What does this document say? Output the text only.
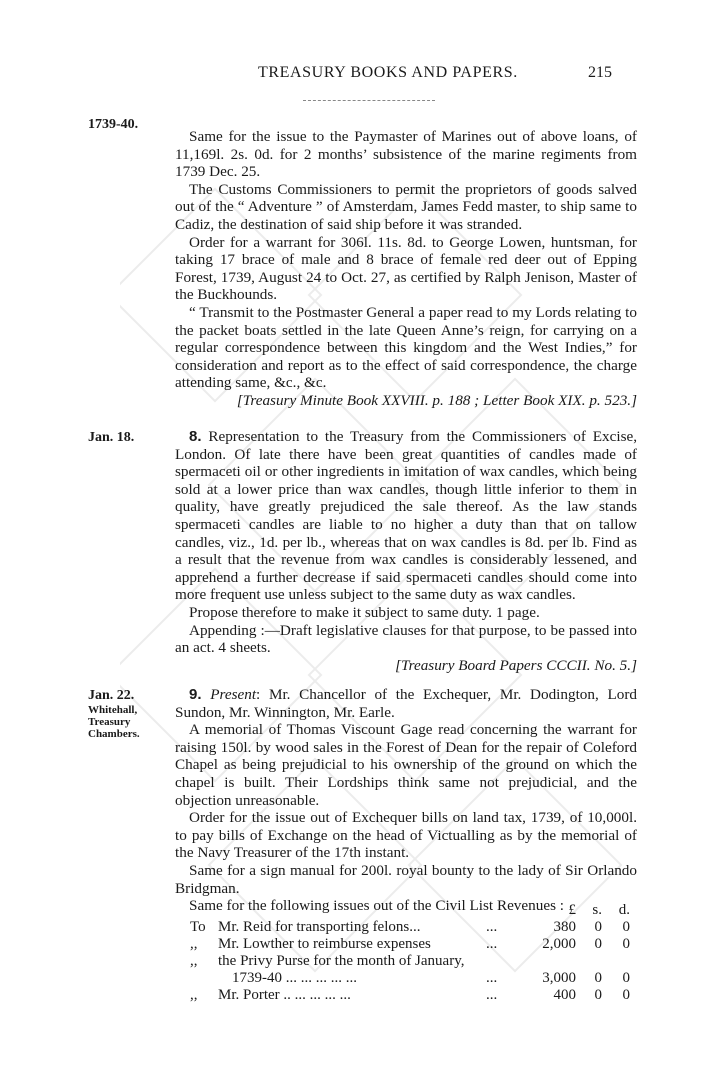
TREASURY BOOKS AND PAPERS.	215
1739-40.

Same for the issue to the Paymaster of Marines out of above loans, of 11,169l. 2s. 0d. for 2 months’ subsistence of the marine regiments from 1739 Dec. 25.

The Customs Commissioners to permit the proprietors of goods salved out of the “ Adventure ” of Amsterdam, James Fedd master, to ship same to Cadiz, the destination of said ship before it was stranded.

Order for a warrant for 306l. 11s. 8d. to George Lowen, huntsman, for taking 17 brace of male and 8 brace of female red deer out of Epping Forest, 1739, August 24 to Oct. 27, as certified by Ralph Jenison, Master of the Buckhounds.

“ Transmit to the Postmaster General a paper read to my Lords relating to the packet boats settled in the late Queen Anne’s reign, for carrying on a regular correspondence between this kingdom and the West Indies,” for consideration and report as to the effect of said correspondence, the charge attending same, &c., &c.

[Treasury Minute Book XXVIII. p. 188 ; Letter Book XIX. p. 523.]

Jan. 18.	8. Representation to the Treasury from the Commissioners of Excise, London. Of late there have been great quantities of candles made of spermaceti oil or other ingredients in imitation of wax candles, which being sold at a lower price than wax candles, though little inferior to them in quality, have greatly prejudiced the sale thereof. As the law stands spermaceti candles are liable to no higher a duty than that on tallow candles, viz., 1d. per lb., whereas that on wax candles is 8d. per lb. Find as a result that the revenue from wax candles is considerably lessened, and apprehend a further decrease if said spermaceti candles should come into more frequent use unless subject to the same duty as wax candles.

Propose therefore to make it subject to same duty. 1 page.

Appending :—Draft legislative clauses for that purpose, to be passed into an act. 4 sheets.

[Treasury Board Papers CCCII. No. 5.]

Jan. 22.
Whitehall,
Treasury
Chambers.

9. Present: Mr. Chancellor of the Exchequer, Mr. Dodington, Lord Sundon, Mr. Winnington, Mr. Earle.

A memorial of Thomas Viscount Gage read concerning the warrant for raising 150l. by wood sales in the Forest of Dean for the repair of Coleford Chapel as being prejudicial to his ownership of the ground on which the chapel is built. Their Lordships think same not prejudicial, and the objection unreasonable.

Order for the issue out of Exchequer bills on land tax, 1739, of 10,000l. to pay bills of Exchange on the head of Victualling as by the memorial of the Navy Treasurer of the 17th instant.

Same for a sign manual for 200l. royal bounty to the lady of Sir Orlando Bridgman.

Same for the following issues out of the Civil List Revenues :

			£	s.	d.
To	Mr. Reid for transporting felons...	...	380	0	0
,,	Mr. Lowther to reimburse expenses	...	2,000	0	0
,,	the Privy Purse for the month of January,				
	1739-40 ... ... ... ... ...	...	3,000	0	0
,,	Mr. Porter .. ... ... ... ...	...	400	0	0
